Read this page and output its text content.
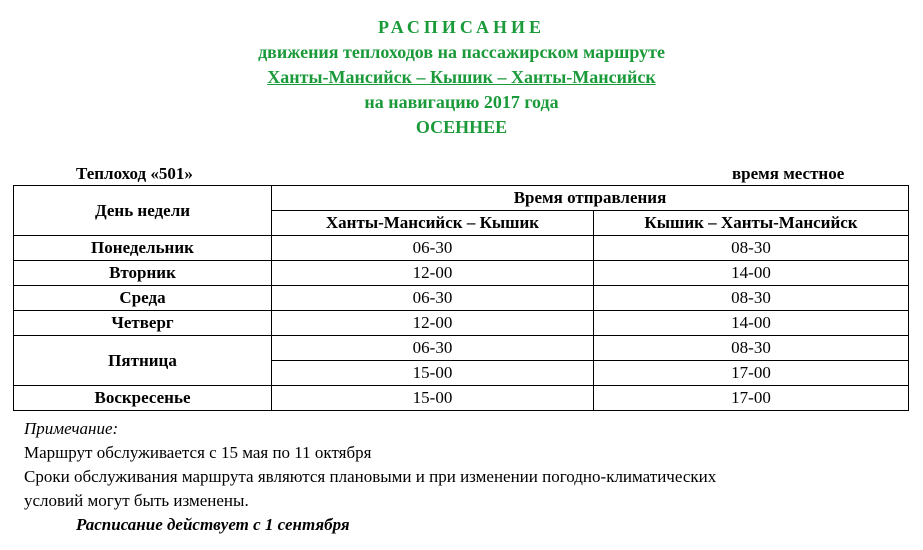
РАСПИСАНИЕ
движения теплоходов на пассажирском маршруте
Ханты-Мансийск – Кышик – Ханты-Мансийск
на навигацию 2017 года
ОСЕННЕЕ
Теплоход «501»	время местное
День недели	Время отправления	
	Ханты-Мансийск – Кышик	Кышик – Ханты-Мансийск
Понедельник	06-30	08-30
Вторник	12-00	14-00
Среда	06-30	08-30
Четверг	12-00	14-00
Пятница	06-30	08-30
	15-00	17-00
Воскресенье	15-00	17-00
Примечание:
Маршрут обслуживается с 15 мая по 11 октября
Сроки обслуживания маршрута являются плановыми и при изменении погодно-климатических
условий могут быть изменены.
Расписание действует с 1 сентября
